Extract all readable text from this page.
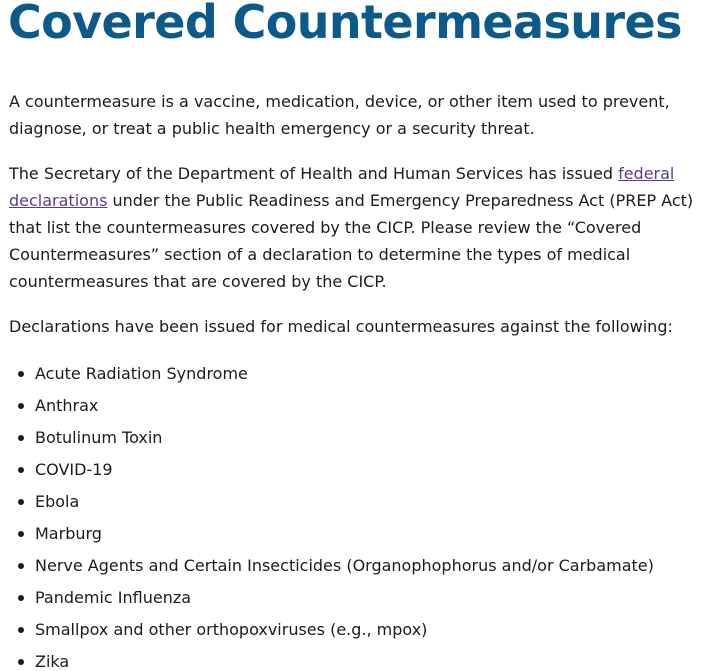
Covered Countermeasures

A countermeasure is a vaccine, medication, device, or other item used to prevent, diagnose, or treat a public health emergency or a security threat.

The Secretary of the Department of Health and Human Services has issued federal declarations under the Public Readiness and Emergency Preparedness Act (PREP Act) that list the countermeasures covered by the CICP. Please review the “Covered Countermeasures” section of a declaration to determine the types of medical countermeasures that are covered by the CICP.

Declarations have been issued for medical countermeasures against the following:

Acute Radiation Syndrome
Anthrax
Botulinum Toxin
COVID-19
Ebola
Marburg
Nerve Agents and Certain Insecticides (Organophophorus and/or Carbamate)
Pandemic Influenza
Smallpox and other orthopoxviruses (e.g., mpox)
Zika
